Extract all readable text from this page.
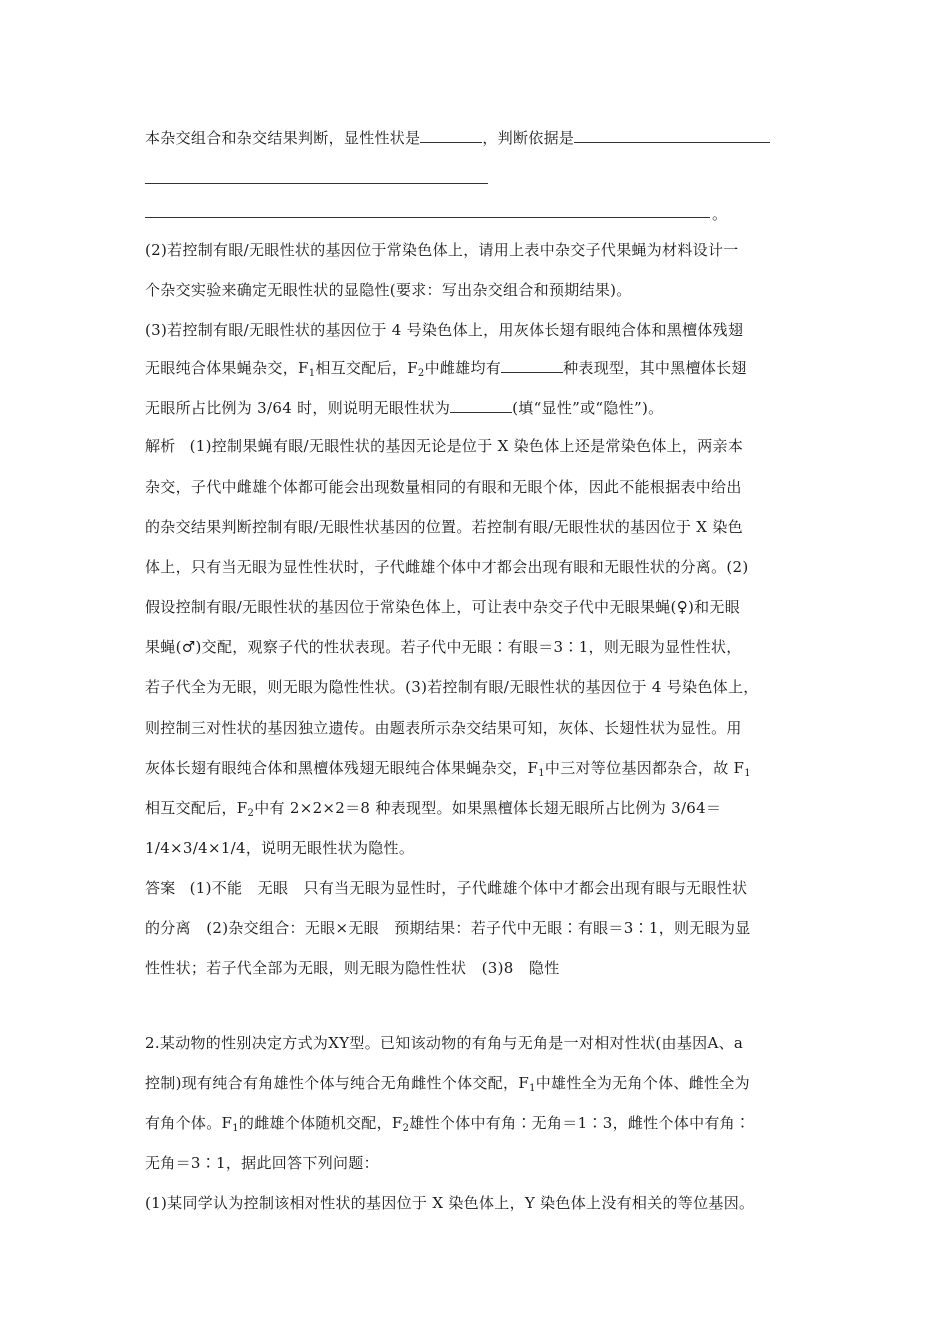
本杂交组合和杂交结果判断，显性性状是	，判断依据是
。
(2)若控制有眼/无眼性状的基因位于常染色体上，请用上表中杂交子代果蝇为材料设计一
个杂交实验来确定无眼性状的显隐性(要求：写出杂交组合和预期结果)。
(3)若控制有眼/无眼性状的基因位于 4 号染色体上，用灰体长翅有眼纯合体和黑檀体残翅
无眼纯合体果蝇杂交，$F_1$相互交配后，$F_2$中雌雄均有	种表现型，其中黑檀体长翅
无眼所占比例为 3/64 时，则说明无眼性状为	(填“显性”或“隐性”)。
解析 (1)控制果蝇有眼/无眼性状的基因无论是位于 X 染色体上还是常染色体上，两亲本
杂交，子代中雌雄个体都可能会出现数量相同的有眼和无眼个体，因此不能根据表中给出
的杂交结果判断控制有眼/无眼性状基因的位置。若控制有眼/无眼性状的基因位于 X 染色
体上，只有当无眼为显性性状时，子代雌雄个体中才都会出现有眼和无眼性状的分离。(2)
假设控制有眼/无眼性状的基因位于常染色体上，可让表中杂交子代中无眼果蝇(♀)和无眼
果蝇(♂)交配，观察子代的性状表现。若子代中无眼∶有眼＝3∶1，则无眼为显性性状，
若子代全为无眼，则无眼为隐性性状。(3)若控制有眼/无眼性状的基因位于 4 号染色体上，
则控制三对性状的基因独立遗传。由题表所示杂交结果可知，灰体、长翅性状为显性。用
灰体长翅有眼纯合体和黑檀体残翅无眼纯合体果蝇杂交，$F_1$中三对等位基因都杂合，故 $F_1$
相互交配后，$F_2$中有 2×2×2＝8 种表现型。如果黑檀体长翅无眼所占比例为 3/64＝
1/4×3/4×1/4，说明无眼性状为隐性。
答案 (1)不能　无眼　只有当无眼为显性时，子代雌雄个体中才都会出现有眼与无眼性状
的分离　(2)杂交组合：无眼×无眼　预期结果：若子代中无眼∶有眼＝3∶1，则无眼为显
性性状；若子代全部为无眼，则无眼为隐性性状　(3)8　隐性
2.某动物的性别决定方式为XY型。已知该动物的有角与无角是一对相对性状(由基因A、a
控制)现有纯合有角雄性个体与纯合无角雌性个体交配，$F_1$中雄性全为无角个体、雌性全为
有角个体。$F_1$的雌雄个体随机交配，$F_2$雄性个体中有角∶无角＝1∶3，雌性个体中有角∶
无角＝3∶1，据此回答下列问题：
(1)某同学认为控制该相对性状的基因位于 X 染色体上，Y 染色体上没有相关的等位基因。
